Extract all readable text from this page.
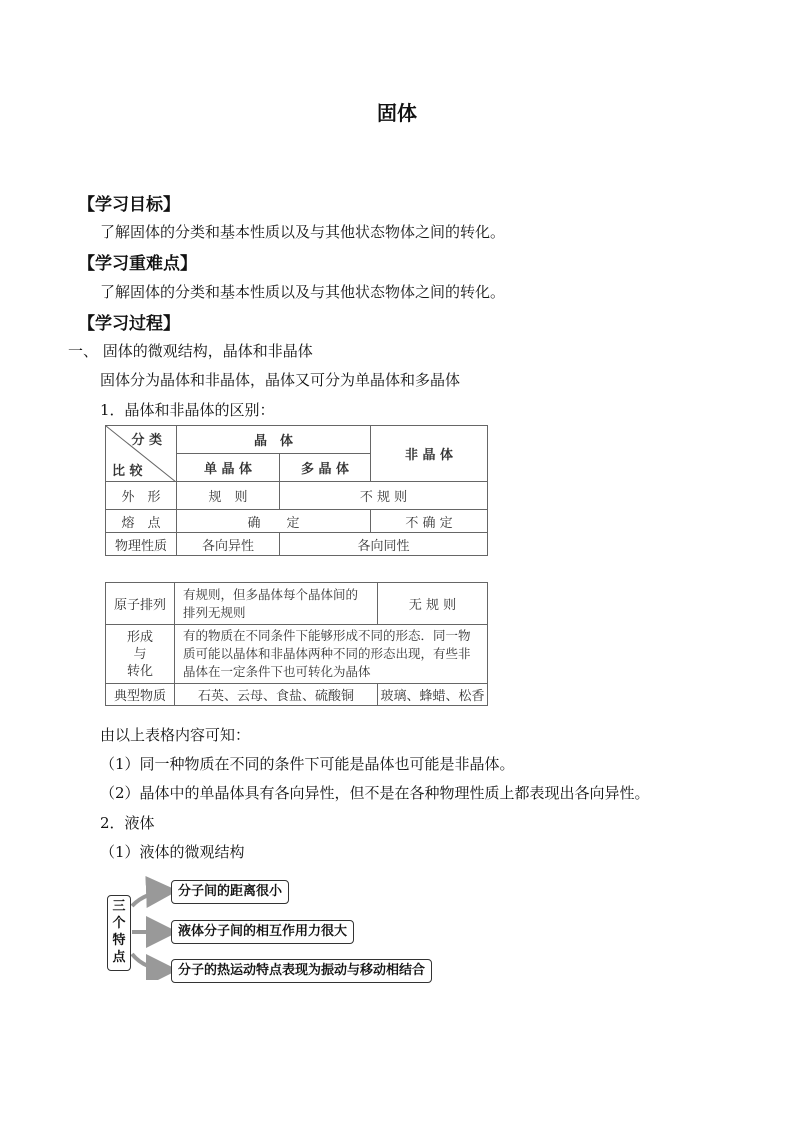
固体
【学习目标】
了解固体的分类和基本性质以及与其他状态物体之间的转化。
【学习重难点】
了解固体的分类和基本性质以及与其他状态物体之间的转化。
【学习过程】
一、 固体的微观结构，晶体和非晶体
固体分为晶体和非晶体，晶体又可分为单晶体和多晶体
1．晶体和非晶体的区别：
分 类
比 较	晶　体		非 晶 体
	单 晶 体	多 晶 体	
外　形	规　则	不 规 则	
熔　点	确　　定		不 确 定
物理性质	各向异性	各向同性	
原子排列	有规则，但多晶体每个晶体间的排列无规则	无 规 则

形成
与
转化	有的物质在不同条件下能够形成不同的形态．同一物质可能以晶体和非晶体两种不同的形态出现，有些非晶体在一定条件下也可转化为晶体	
典型物质	石英、云母、食盐、硫酸铜	玻璃、蜂蜡、松香
由以上表格内容可知：
（1）同一种物质在不同的条件下可能是晶体也可能是非晶体。
（2）晶体中的单晶体具有各向异性，但不是在各种物理性质上都表现出各向异性。
2．液体
（1）液体的微观结构
三
个
特
点
分子间的距离很小
液体分子间的相互作用力很大
分子的热运动特点表现为振动与移动相结合
